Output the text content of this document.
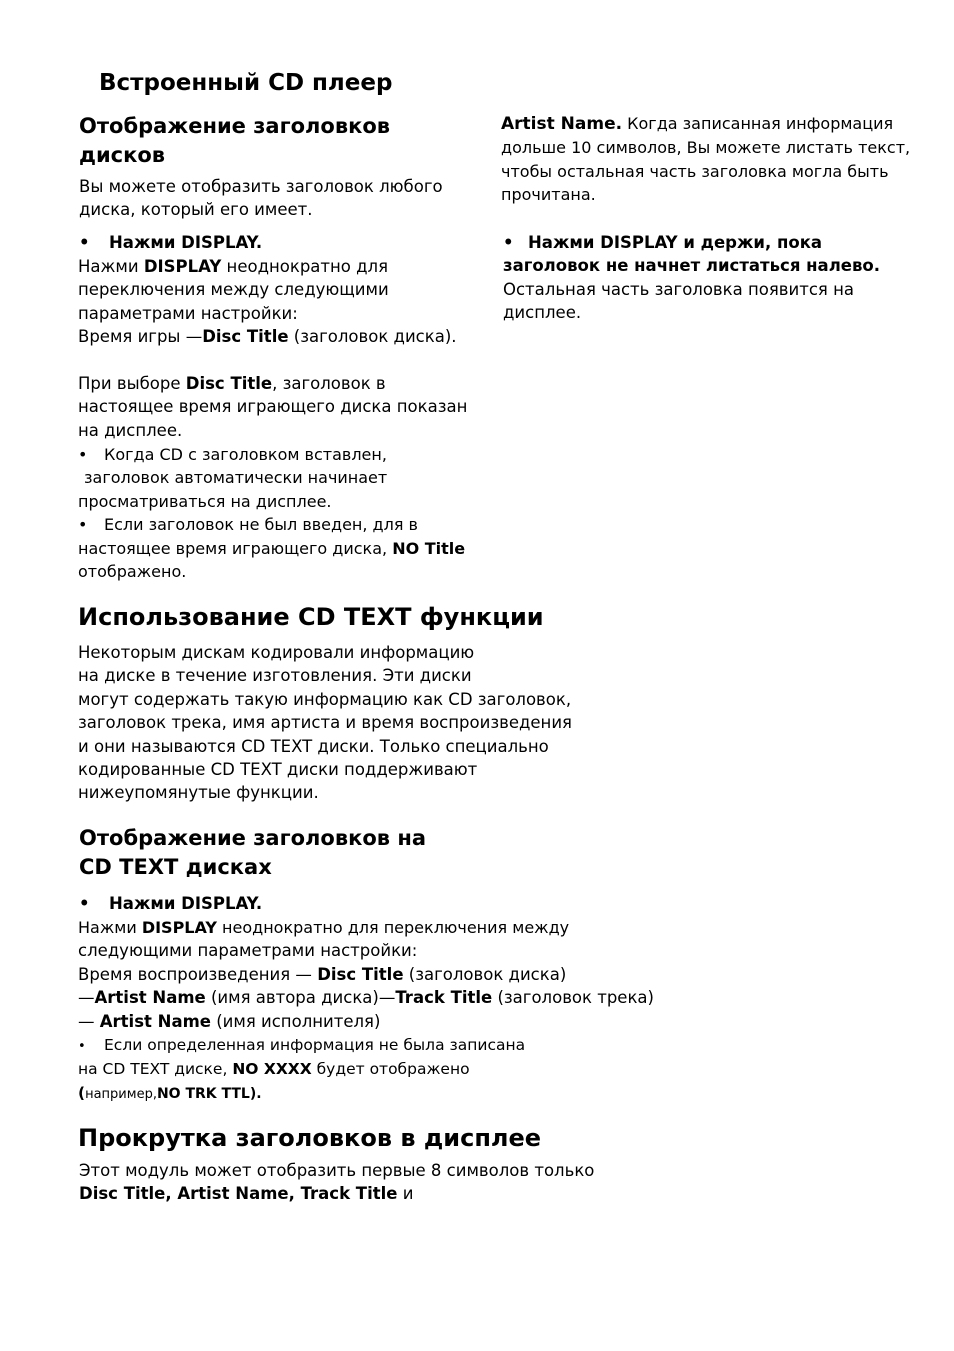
Встроенный CD плеер
Отображение заголовков
дисков
Вы можете отобразить заголовок любого
диска, который его имеет.
• Нажми DISPLAY.
Нажми DISPLAY неоднократно для
переключения между следующими
параметрами настройки:
Время игры —Disc Title (заголовок диска).
При выборе Disc Title, заголовок в
настоящее время играющего диска показан
на дисплее.
• Когда CD с заголовком вставлен,
заголовок автоматически начинает
просматриваться на дисплее.
• Если заголовок не был введен, для в
настоящее время играющего диска, NO Title
отображено.
Artist Name. Когда записанная информация
дольше 10 символов, Вы можете листать текст,
чтобы остальная часть заголовка могла быть
прочитана.
• Нажми DISPLAY и держи, пока
заголовок не начнет листаться налево.
Остальная часть заголовка появится на
дисплее.
Использование CD TEXT функции
Некоторым дискам кодировали информацию
на диске в течение изготовления. Эти диски
могут содержать такую информацию как CD заголовок,
заголовок трека, имя артиста и время воспроизведения
и они называются CD TEXT диски. Только специально
кодированные CD TEXT диски поддерживают
нижеупомянутые функции.
Отображение заголовков на
CD TEXT дисках
• Нажми DISPLAY.
Нажми DISPLAY неоднократно для переключения между
следующими параметрами настройки:
Время воспроизведения — Disc Title (заголовок диска)
—Artist Name (имя автора диска)—Track Title (заголовок трека)
— Artist Name (имя исполнителя)
• Если определенная информация не была записана
на CD TEXT диске, NO XXXX будет отображено
(например,NO TRK TTL).
Прокрутка заголовков в дисплее
Этот модуль может отобразить первые 8 символов только
Disc Title, Artist Name, Track Title и
